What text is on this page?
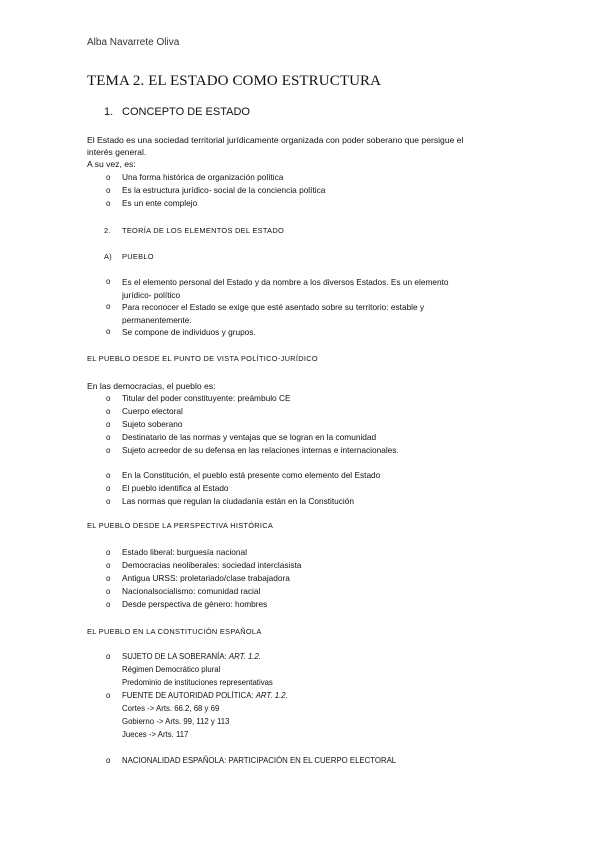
Alba Navarrete Oliva
TEMA 2. EL ESTADO COMO ESTRUCTURA
1. CONCEPTO DE ESTADO
El Estado es una sociedad territorial jurídicamente organizada con poder soberano que persigue el
interés general.
A su vez, es:
o Una forma histórica de organización política
o Es la estructura jurídico- social de la conciencia política
o Es un ente complejo
2. TEORÍA DE LOS ELEMENTOS DEL ESTADO
A) PUEBLO
o Es el elemento personal del Estado y da nombre a los diversos Estados. Es un elemento
jurídico- político
o Para reconocer el Estado se exige que esté asentado sobre su territorio: estable y
permanentemente.
o Se compone de individuos y grupos.
EL PUEBLO DESDE EL PUNTO DE VISTA POLÍTICO-JURÍDICO
En las democracias, el pueblo es:
o Titular del poder constituyente: preámbulo CE
o Cuerpo electoral
o Sujeto soberano
o Destinatario de las normas y ventajas que se logran en la comunidad
o Sujeto acreedor de su defensa en las relaciones internas e internacionales.
o En la Constitución, el pueblo está presente como elemento del Estado
o El pueblo identifica al Estado
o Las normas que regulan la ciudadanía están en la Constitución
EL PUEBLO DESDE LA PERSPECTIVA HISTÓRICA
o Estado liberal: burguesía nacional
o Democracias neoliberales: sociedad interclasista
o Antigua URSS: proletariado/clase trabajadora
o Nacionalsocialismo: comunidad racial
o Desde perspectiva de género: hombres
EL PUEBLO EN LA CONSTITUCIÓN ESPAÑOLA
o SUJETO DE LA SOBERANÍA: ART. 1.2.
Régimen Democrático plural
Predominio de instituciones representativas
o FUENTE DE AUTORIDAD POLÍTICA: ART. 1.2.
Cortes -> Arts. 66.2, 68 y 69
Gobierno -> Arts. 99, 112 y 113
Jueces -> Arts. 117
o NACIONALIDAD ESPAÑOLA: PARTICIPACIÓN EN EL CUERPO ELECTORAL
